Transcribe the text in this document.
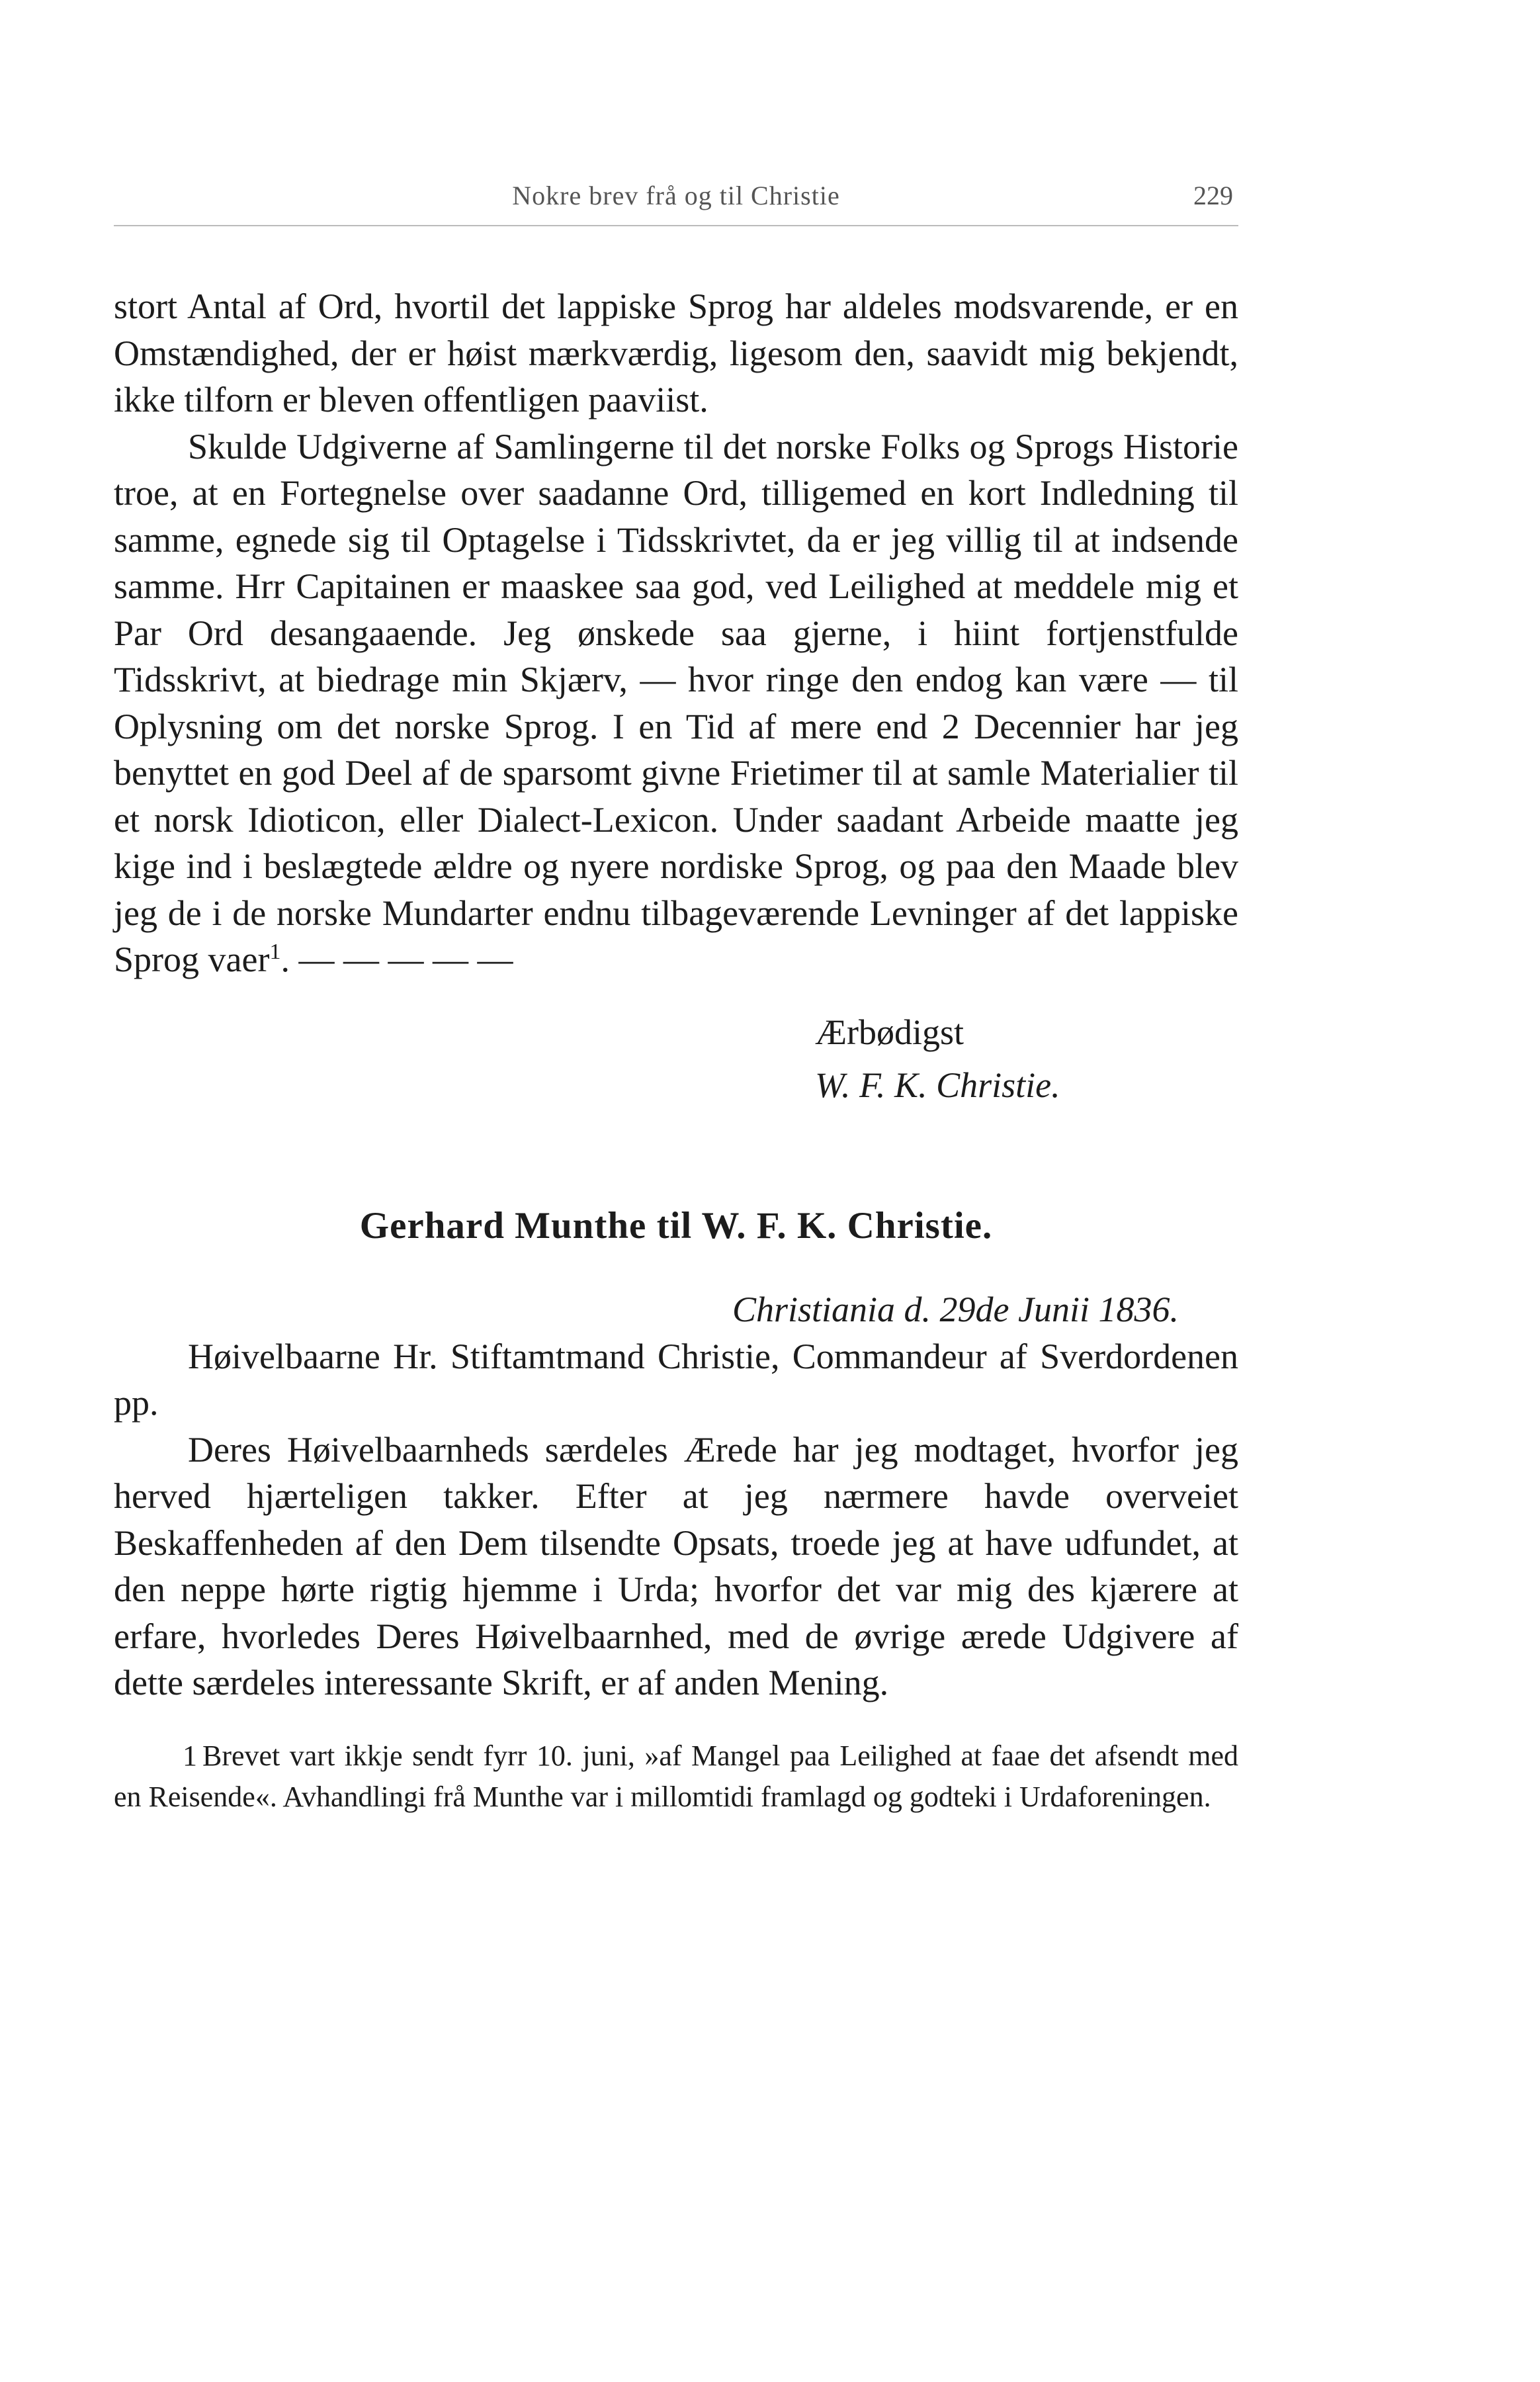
Nokre brev frå og til Christie	229

stort Antal af Ord, hvortil det lappiske Sprog har aldeles modsvarende, er en Omstændighed, der er høist mærkværdig, ligesom den, saavidt mig bekjendt, ikke tilforn er bleven offentligen paaviist.

Skulde Udgiverne af Samlingerne til det norske Folks og Sprogs Historie troe, at en Fortegnelse over saadanne Ord, tilligemed en kort Indledning til samme, egnede sig til Optagelse i Tidsskrivtet, da er jeg villig til at indsende samme. Hrr Capitainen er maaskee saa god, ved Leilighed at meddele mig et Par Ord desangaaende. Jeg ønskede saa gjerne, i hiint fortjenstfulde Tidsskrivt, at biedrage min Skjærv, — hvor ringe den endog kan være — til Oplysning om det norske Sprog. I en Tid af mere end 2 Decennier har jeg benyttet en god Deel af de sparsomt givne Frietimer til at samle Materialier til et norsk Idioticon, eller Dialect-Lexicon. Under saadant Arbeide maatte jeg kige ind i beslægtede ældre og nyere nordiske Sprog, og paa den Maade blev jeg de i de norske Mundarter endnu tilbageværende Levninger af det lappiske Sprog vaer$^1$. — — — — —

Ærbødigst
W. F. K. Christie.
Gerhard Munthe til W. F. K. Christie.
Christiania d. 29de Junii 1836.

Høivelbaarne Hr. Stiftamtmand Christie, Commandeur af Sverdordenen pp.

Deres Høivelbaarnheds særdeles Ærede har jeg modtaget, hvorfor jeg herved hjærteligen takker. Efter at jeg nærmere havde overveiet Beskaffenheden af den Dem tilsendte Opsats, troede jeg at have udfundet, at den neppe hørte rigtig hjemme i Urda; hvorfor det var mig des kjærere at erfare, hvorledes Deres Høivelbaarnhed, med de øvrige ærede Udgivere af dette særdeles interessante Skrift, er af anden Mening.

1 Brevet vart ikkje sendt fyrr 10. juni, »af Mangel paa Leilighed at faae det afsendt med en Reisende«. Avhandlingi frå Munthe var i millomtidi framlagd og godteki i Urdaforeningen.
